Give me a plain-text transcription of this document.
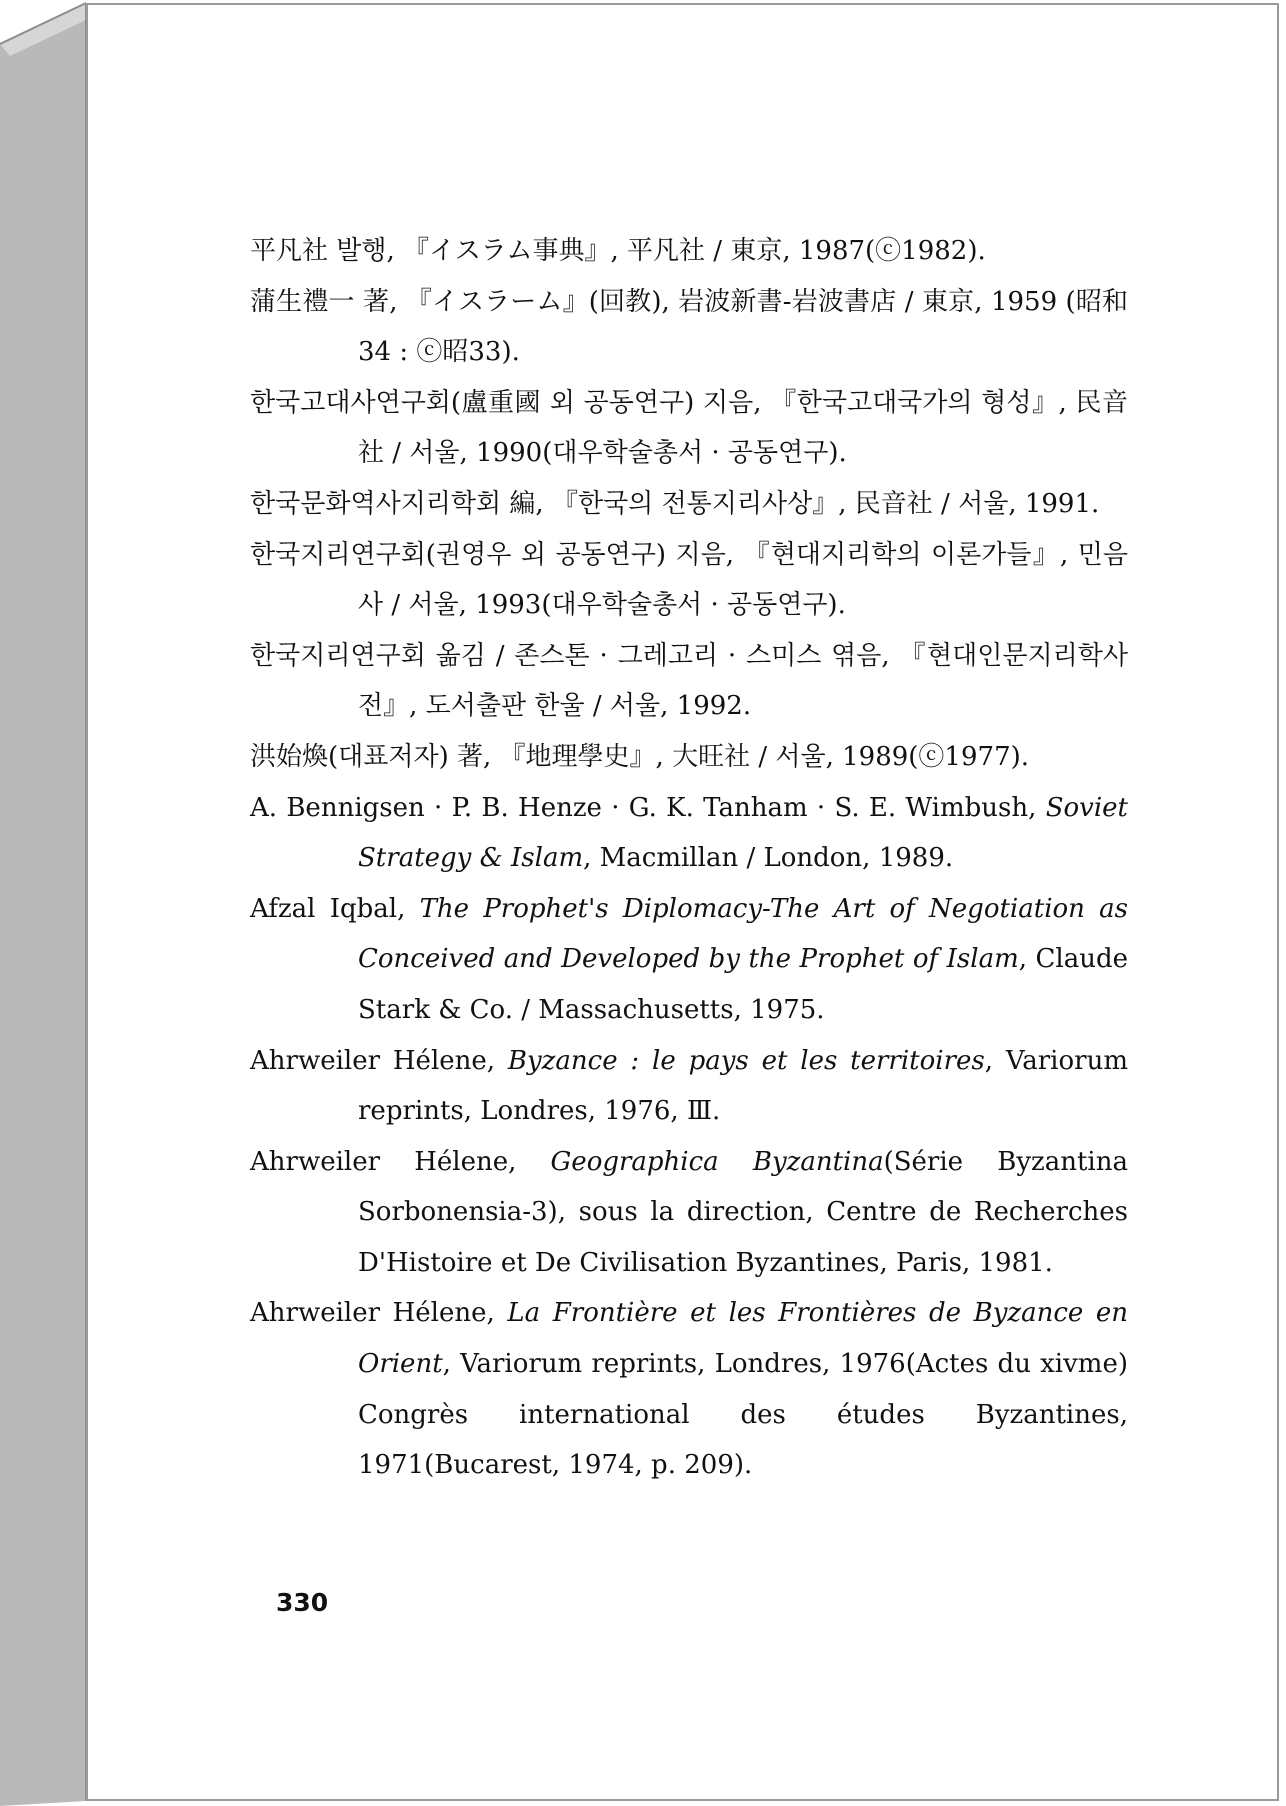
平凡社 발행, 『イスラム事典』, 平凡社 / 東京, 1987(ⓒ1982).

蒲生禮一 著, 『イスラーム』(回教), 岩波新書-岩波書店 / 東京, 1959 (昭和34 : ⓒ昭33).

한국고대사연구회(盧重國 외 공동연구) 지음, 『한국고대국가의 형성』, 民音社 / 서울, 1990(대우학술총서 · 공동연구).

한국문화역사지리학회 編, 『한국의 전통지리사상』, 民音社 / 서울, 1991.

한국지리연구회(권영우 외 공동연구) 지음, 『현대지리학의 이론가들』, 민음사 / 서울, 1993(대우학술총서 · 공동연구).

한국지리연구회 옮김 / 존스톤 · 그레고리 · 스미스 엮음, 『현대인문지리학사전』, 도서출판 한울 / 서울, 1992.

洪始煥(대표저자) 著, 『地理學史』, 大旺社 / 서울, 1989(ⓒ1977).

A. Bennigsen · P. B. Henze · G. K. Tanham · S. E. Wimbush, Soviet Strategy & Islam, Macmillan / London, 1989.

Afzal Iqbal, The Prophet's Diplomacy-The Art of Negotiation as Conceived and Developed by the Prophet of Islam, Claude Stark & Co. / Massachusetts, 1975.

Ahrweiler Hélene, Byzance : le pays et les territoires, Variorum reprints, Londres, 1976, Ⅲ.

Ahrweiler Hélene, Geographica Byzantina(Série Byzantina Sorbonensia-3), sous la direction, Centre de Recherches D'Histoire et De Civilisation Byzantines, Paris, 1981.

Ahrweiler Hélene, La Frontière et les Frontières de Byzance en Orient, Variorum reprints, Londres, 1976(Actes du xivme) Congrès international des études Byzantines, 1971(Bucarest, 1974, p. 209).

330
